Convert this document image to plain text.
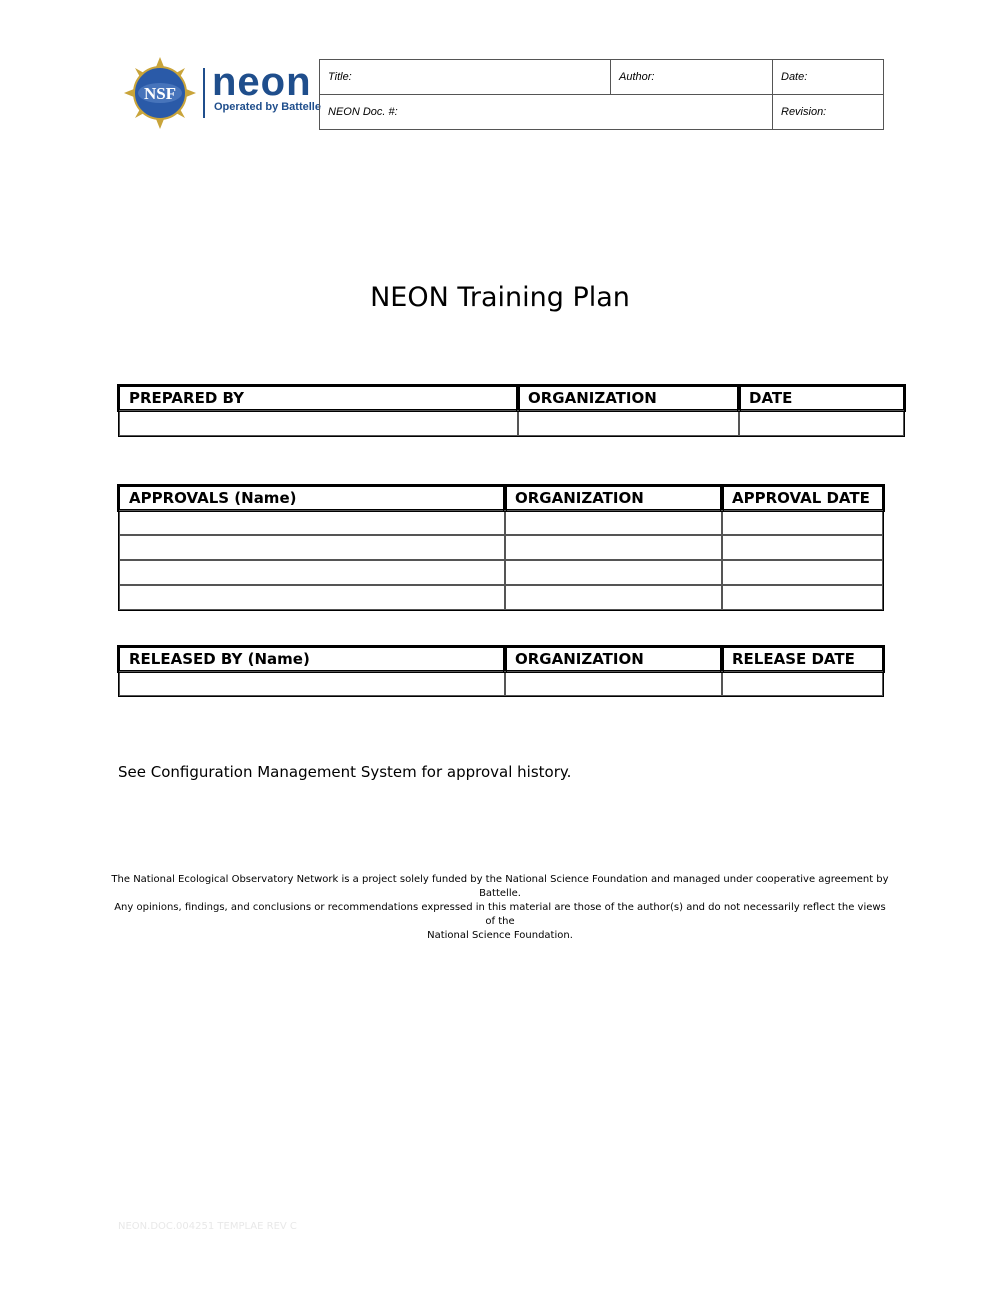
NSF neon
Operated by Battelle
Title:	Author:	Date:
NEON Doc. #:		Revision:
NEON Training Plan
PREPARED BY	ORGANIZATION	DATE

APPROVALS (Name)	ORGANIZATION	APPROVAL DATE

RELEASED BY (Name)	ORGANIZATION	RELEASE DATE

See Configuration Management System for approval history.
The National Ecological Observatory Network is a project solely funded by the National Science Foundation and managed under cooperative agreement by Battelle.
Any opinions, findings, and conclusions or recommendations expressed in this material are those of the author(s) and do not necessarily reflect the views of the
National Science Foundation.
NEON.DOC.004251 TEMPLAE REV C
